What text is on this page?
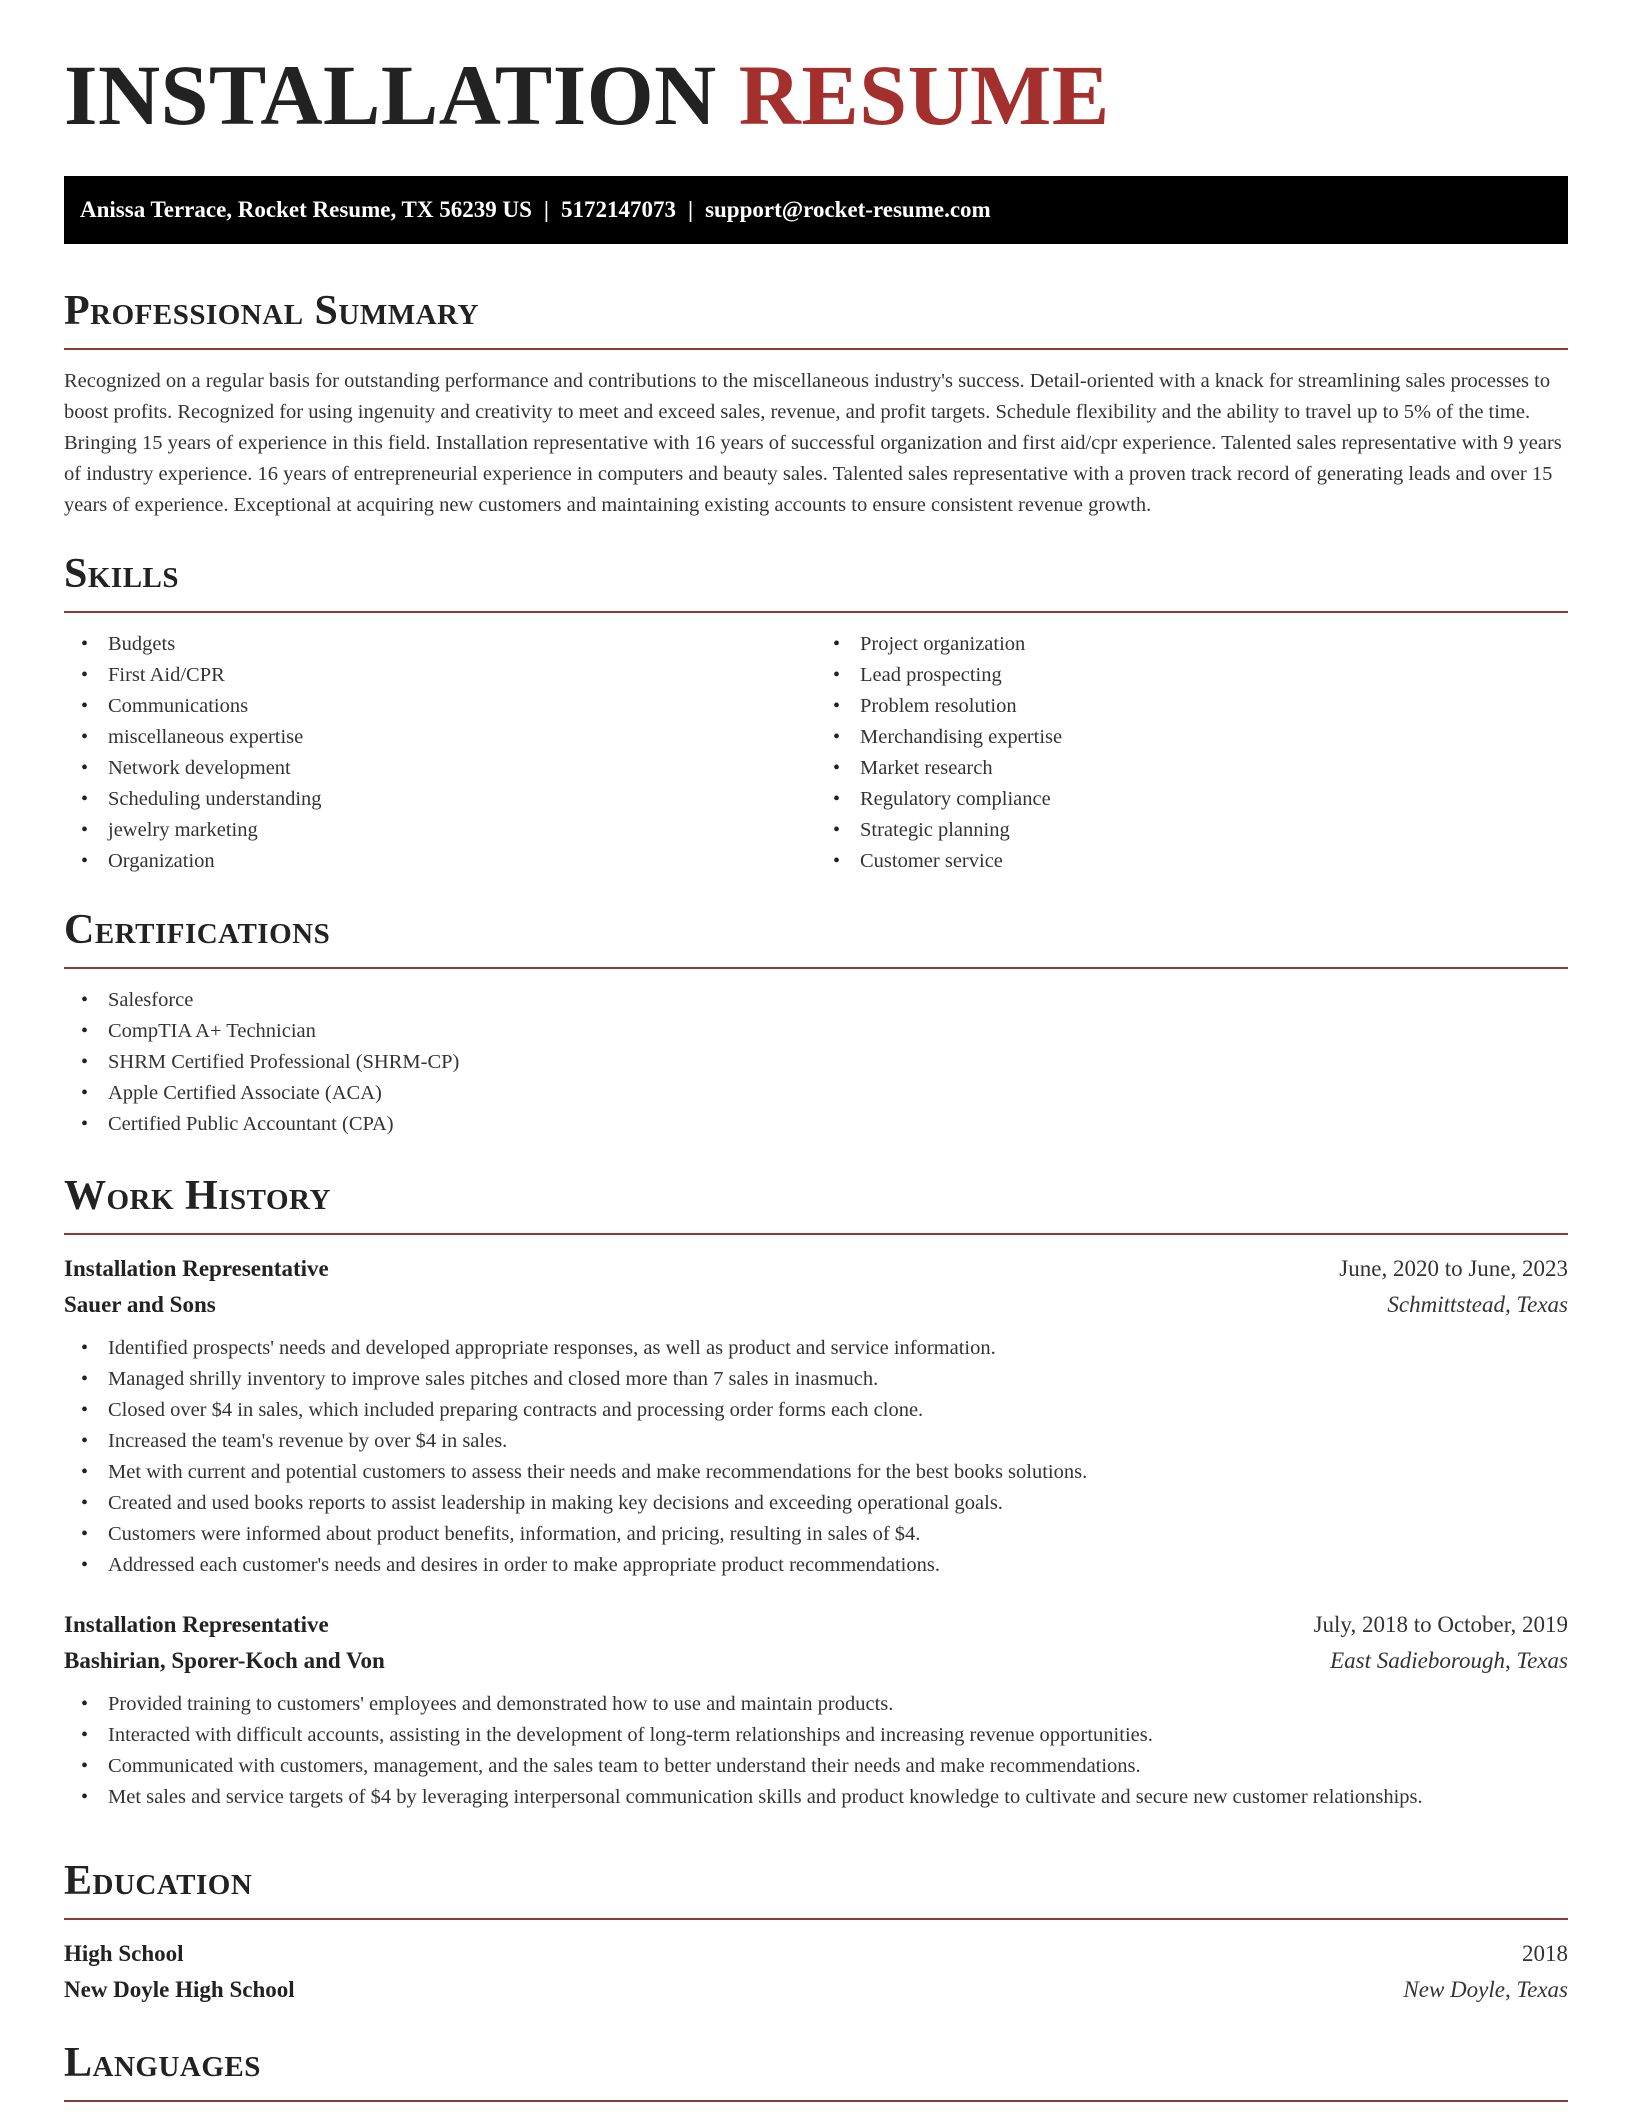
INSTALLATION RESUME
Anissa Terrace, Rocket Resume, TX 56239 US | 5172147073 | support@rocket-resume.com
Professional Summary

Recognized on a regular basis for outstanding performance and contributions to the miscellaneous industry's success. Detail-oriented with a knack for streamlining sales processes to boost profits. Recognized for using ingenuity and creativity to meet and exceed sales, revenue, and profit targets. Schedule flexibility and the ability to travel up to 5% of the time. Bringing 15 years of experience in this field. Installation representative with 16 years of successful organization and first aid/cpr experience. Talented sales representative with 9 years of industry experience. 16 years of entrepreneurial experience in computers and beauty sales. Talented sales representative with a proven track record of generating leads and over 15 years of experience. Exceptional at acquiring new customers and maintaining existing accounts to ensure consistent revenue growth.

Skills
• Budgets
• First Aid/CPR
• Communications
• miscellaneous expertise
• Network development
• Scheduling understanding
• jewelry marketing
• Organization
• Project organization
• Lead prospecting
• Problem resolution
• Merchandising expertise
• Market research
• Regulatory compliance
• Strategic planning
• Customer service
Certifications
• Salesforce
• CompTIA A+ Technician
• SHRM Certified Professional (SHRM-CP)
• Apple Certified Associate (ACA)
• Certified Public Accountant (CPA)
Work History
Installation Representative	June, 2020 to June, 2023
Sauer and Sons	Schmittstead, Texas
• Identified prospects' needs and developed appropriate responses, as well as product and service information.
• Managed shrilly inventory to improve sales pitches and closed more than 7 sales in inasmuch.
• Closed over $4 in sales, which included preparing contracts and processing order forms each clone.
• Increased the team's revenue by over $4 in sales.
• Met with current and potential customers to assess their needs and make recommendations for the best books solutions.
• Created and used books reports to assist leadership in making key decisions and exceeding operational goals.
• Customers were informed about product benefits, information, and pricing, resulting in sales of $4.
• Addressed each customer's needs and desires in order to make appropriate product recommendations.
Installation Representative	July, 2018 to October, 2019
Bashirian, Sporer-Koch and Von	East Sadieborough, Texas
• Provided training to customers' employees and demonstrated how to use and maintain products.
• Interacted with difficult accounts, assisting in the development of long-term relationships and increasing revenue opportunities.
• Communicated with customers, management, and the sales team to better understand their needs and make recommendations.
• Met sales and service targets of $4 by leveraging interpersonal communication skills and product knowledge to cultivate and secure new customer relationships.
Education
High School	2018
New Doyle High School	New Doyle, Texas
Languages
